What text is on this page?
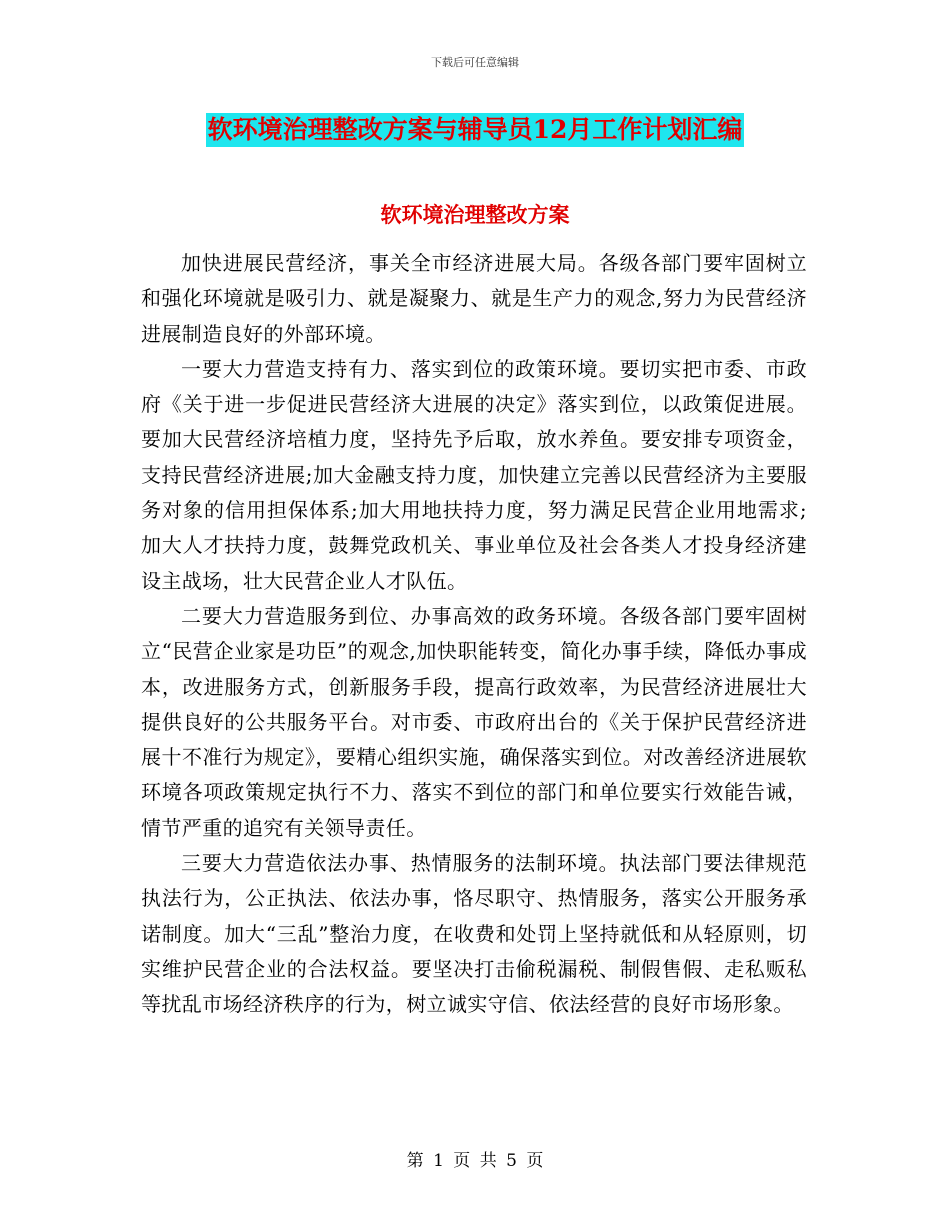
下载后可任意编辑
软环境治理整改方案与辅导员12月工作计划汇编
软环境治理整改方案

加快进展民营经济，事关全市经济进展大局。各级各部门要牢固树立和强化环境就是吸引力、就是凝聚力、就是生产力的观念,努力为民营经济进展制造良好的外部环境。

一要大力营造支持有力、落实到位的政策环境。要切实把市委、市政府《关于进一步促进民营经济大进展的决定》落实到位，以政策促进展。要加大民营经济培植力度，坚持先予后取，放水养鱼。要安排专项资金，支持民营经济进展;加大金融支持力度，加快建立完善以民营经济为主要服务对象的信用担保体系;加大用地扶持力度，努力满足民营企业用地需求;加大人才扶持力度，鼓舞党政机关、事业单位及社会各类人才投身经济建设主战场，壮大民营企业人才队伍。

二要大力营造服务到位、办事高效的政务环境。各级各部门要牢固树立“民营企业家是功臣”的观念,加快职能转变，简化办事手续，降低办事成本，改进服务方式，创新服务手段，提高行政效率，为民营经济进展壮大提供良好的公共服务平台。对市委、市政府出台的《关于保护民营经济进展十不准行为规定》，要精心组织实施，确保落实到位。对改善经济进展软环境各项政策规定执行不力、落实不到位的部门和单位要实行效能告诫，情节严重的追究有关领导责任。

三要大力营造依法办事、热情服务的法制环境。执法部门要法律规范执法行为，公正执法、依法办事，恪尽职守、热情服务，落实公开服务承诺制度。加大“三乱”整治力度，在收费和处罚上坚持就低和从轻原则，切实维护民营企业的合法权益。要坚决打击偷税漏税、制假售假、走私贩私等扰乱市场经济秩序的行为，树立诚实守信、依法经营的良好市场形象。

第 1 页 共 5 页
